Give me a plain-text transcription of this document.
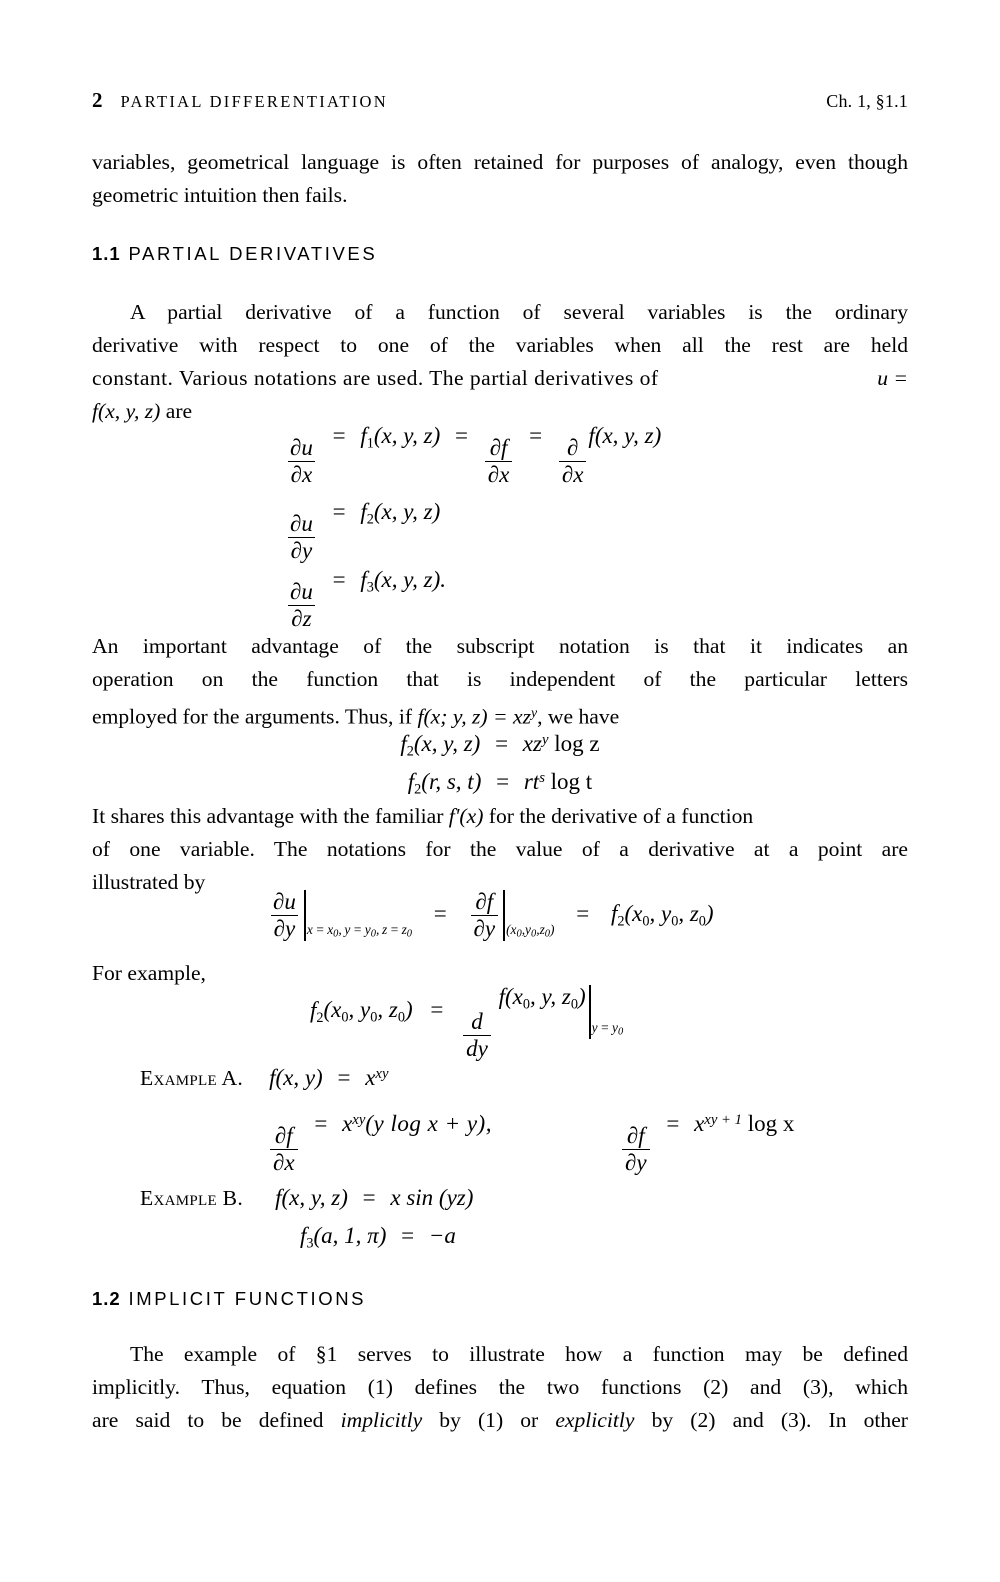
2 PARTIAL DIFFERENTIATION	Ch. 1, §1.1
variables, geometrical language is often retained for purposes of analogy, even though geometric intuition then fails.
1.1 PARTIAL DERIVATIVES
A partial derivative of a function of several variables is the ordinary
derivative with respect to one of the variables when all the rest are held
constant. Various notations are used. The partial derivatives of	u =
f(x, y, z) are
$\frac{\partial u}{\partial x}$
= $f_1(x$, y, z) =
$\frac{\partial f}{\partial x}$
=
$\frac{\partial}{\partial x}$
f(x, y, z)
$\frac{\partial u}{\partial y}$
= $f_2(x$, y, z)
$\frac{\partial u}{\partial z}$
= $f_3(x$, y, z).
An important advantage of the subscript notation is that it indicates an
operation on the function that is independent of the particular letters
employed for the arguments. Thus, if f(x; y, $z) = xz^y$, we have
$f_2(x$, y, $z) = xz^y$ log z
$f_2(r$, s, $t) = rt^s$ log t
It shares this advantage with the familiar f'(x) for the derivative of a function
of one variable. The notations for the value of a derivative at a point are
illustrated by
$\frac{\partial u}{\partial y}$ x = x0, y = y0, z = z0
= $\frac{\partial f}{\partial y} (x0,y0,z0)$
= $f_2(x_0$, $y_0$, $z_0$)
For example,
$f_2(x_0$, $y_0$, $z_0$) =
$\frac{d}{dy}$

$f(x_0$, y, $z_0$)
y = y0
Example A. f(x, $y) = x^{xy}$
$\frac{\partial f}{\partial x}$
= $x^{xy}(y$ log x + y),
$\frac{\partial f}{\partial y}$
= $x^{xy + 1}$ log x
Example B. f(x, y, z) = x sin (yz)
$f_3(a$, 1, π) = −a
1.2 IMPLICIT FUNCTIONS
The example of §1 serves to illustrate how a function may be defined
implicitly. Thus, equation (1) defines the two functions (2) and (3), which
are said to be defined implicitly by (1) or explicitly by (2) and (3). In other
